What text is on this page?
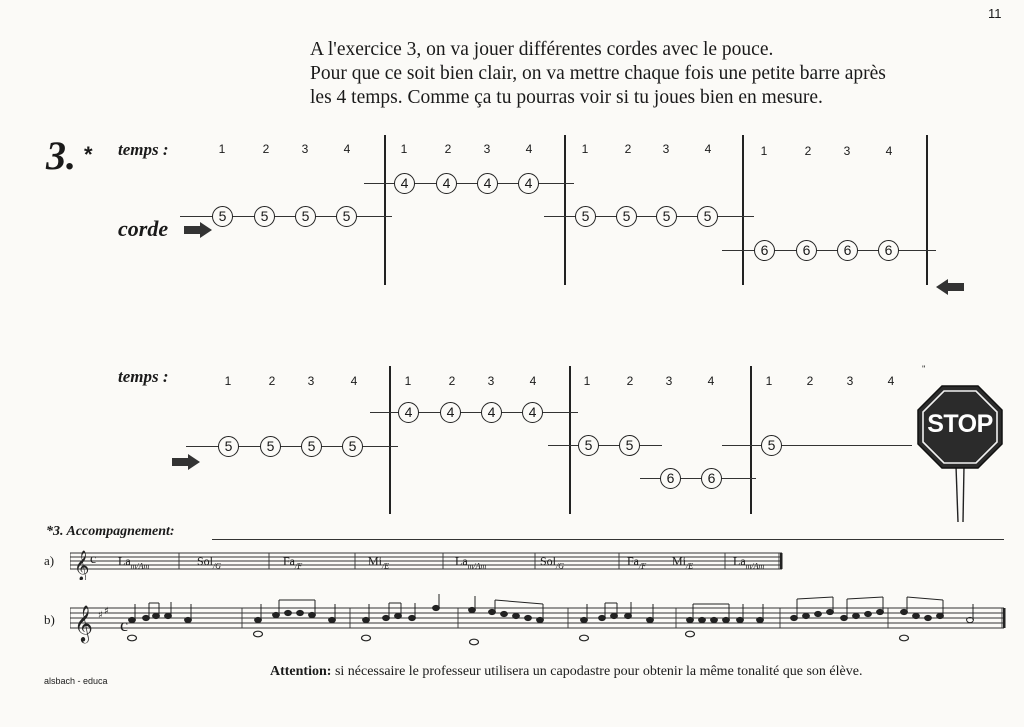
11
A l'exercice 3, on va jouer différentes cordes avec le pouce.
Pour que ce soit bien clair, on va mettre chaque fois une petite barre après
les 4 temps. Comme ça tu pourras voir si tu joues bien en mesure.
3. * temps :
temps :
corde
1	2	3	4	1	2	3	4	1	2	3	4	1	2	3	4
5	5	5	5
4	4	4	4
5	5	5	5
6	6	6	6
''
1	2	3	4	1	2	3	4	1	2	3	4	1	2	3	4
5	5	5	5
4	4	4	4
5	5
6	6
5
STOP
*3. Accompagnement:
a)
b)
𝄞 c $La_{m/Am}$	Sol$_{/G}$	$Fa_{/F}$	$Mi_{/E}$	$La_{m/Am}$	Sol$_{/G}$	$Fa_{/F}$ $Mi_{/E}$	$La_{m/Am}$
𝄞 ♯ ♯
c
alsbach - educa
Attention: si nécessaire le professeur utilisera un capodastre pour obtenir la même tonalité que son élève.
